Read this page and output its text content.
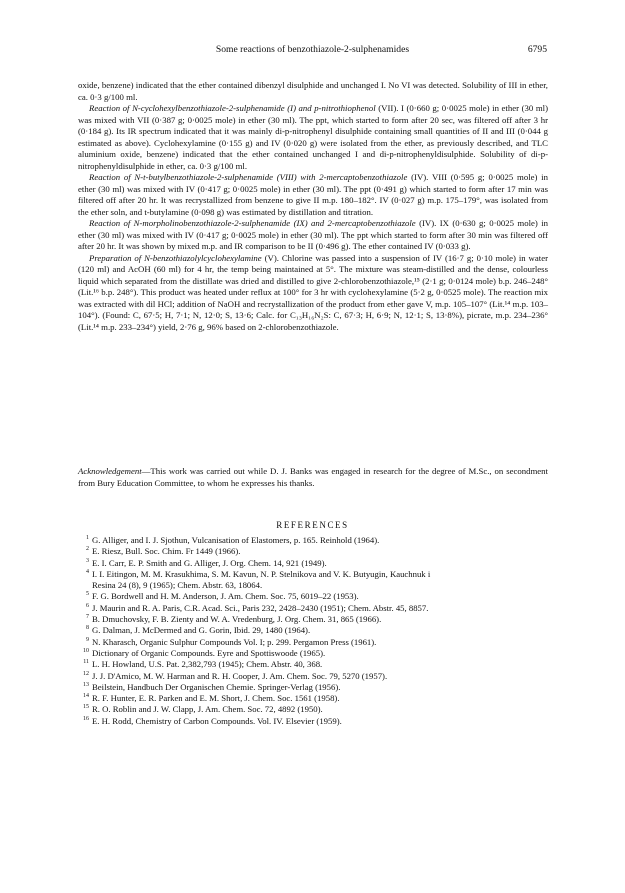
Some reactions of benzothiazole-2-sulphenamides	6795

oxide, benzene) indicated that the ether contained dibenzyl disulphide and unchanged I. No VI was detected. Solubility of III in ether, ca. 0·3 g/100 ml.

Reaction of N-cyclohexylbenzothiazole-2-sulphenamide (I) and p-nitrothiophenol (VII). I (0·660 g; 0·0025 mole) in ether (30 ml) was mixed with VII (0·387 g; 0·0025 mole) in ether (30 ml). The ppt, which started to form after 20 sec, was filtered off after 3 hr (0·184 g). Its IR spectrum indicated that it was mainly di-p-nitrophenyl disulphide containing small quantities of II and III (0·044 g estimated as above). Cyclohexylamine (0·155 g) and IV (0·020 g) were isolated from the ether, as previously described, and TLC aluminium oxide, benzene) indicated that the ether contained unchanged I and di-p-nitrophenyldisulphide. Solubility of di-p-nitrophenyldisulphide in ether, ca. 0·3 g/100 ml.

Reaction of N-t-butylbenzothiazole-2-sulphenamide (VIII) with 2-mercaptobenzothiazole (IV). VIII (0·595 g; 0·0025 mole) in ether (30 ml) was mixed with IV (0·417 g; 0·0025 mole) in ether (30 ml). The ppt (0·491 g) which started to form after 17 min was filtered off after 20 hr. It was recrystallized from benzene to give II m.p. 180–182°. IV (0·027 g) m.p. 175–179°, was isolated from the ether soln, and t-butylamine (0·098 g) was estimated by distillation and titration.

Reaction of N-morpholinobenzothiazole-2-sulphenamide (IX) and 2-mercaptobenzothiazole (IV). IX (0·630 g; 0·0025 mole) in ether (30 ml) was mixed with IV (0·417 g; 0·0025 mole) in ether (30 ml). The ppt which started to form after 30 min was filtered off after 20 hr. It was shown by mixed m.p. and IR comparison to be II (0·496 g). The ether contained IV (0·033 g).

Preparation of N-benzothiazolylcyclohexylamine (V). Chlorine was passed into a suspension of IV (16·7 g; 0·10 mole) in water (120 ml) and AcOH (60 ml) for 4 hr, the temp being maintained at 5°. The mixture was steam-distilled and the dense, colourless liquid which separated from the distillate was dried and distilled to give 2-chlorobenzothiazole,¹⁵ (2·1 g; 0·0124 mole) b.p. 246–248° (Lit.¹⁶ b.p. 248°). This product was heated under reflux at 100° for 3 hr with cyclohexylamine (5·2 g, 0·0525 mole). The reaction mix was extracted with dil HCl; addition of NaOH and recrystallization of the product from ether gave V, m.p. 105–107° (Lit.¹⁴ m.p. 103–104°). (Found: C, 67·5; H, 7·1; N, 12·0; S, 13·6; Calc. for C₁₃H₁₆N₂S: C, 67·3; H, 6·9; N, 12·1; S, 13·8%), picrate, m.p. 234–236° (Lit.¹⁴ m.p. 233–234°) yield, 2·76 g, 96% based on 2-chlorobenzothiazole.

Acknowledgement—This work was carried out while D. J. Banks was engaged in research for the degree of M.Sc., on secondment from Bury Education Committee, to whom he expresses his thanks.

REFERENCES
1 G. Alliger, and I. J. Sjothun, Vulcanisation of Elastomers, p. 165. Reinhold (1964).
2 E. Riesz, Bull. Soc. Chim. Fr 1449 (1966).
3 E. I. Carr, E. P. Smith and G. Alliger, J. Org. Chem. 14, 921 (1949).
4 I. I. Eitingon, M. M. Krasukhima, S. M. Kavun, N. P. Stelnikova and V. K. Butyugin, Kauchnuk i
Resina 24 (8), 9 (1965); Chem. Abstr. 63, 18064.
5 F. G. Bordwell and H. M. Anderson, J. Am. Chem. Soc. 75, 6019–22 (1953).
6 J. Maurin and R. A. Paris, C.R. Acad. Sci., Paris 232, 2428–2430 (1951); Chem. Abstr. 45, 8857.
7 B. Dmuchovsky, F. B. Zienty and W. A. Vredenburg, J. Org. Chem. 31, 865 (1966).
8 G. Dalman, J. McDermed and G. Gorin, Ibid. 29, 1480 (1964).
9 N. Kharasch, Organic Sulphur Compounds Vol. I; p. 299. Pergamon Press (1961).
10 Dictionary of Organic Compounds. Eyre and Spottiswoode (1965).
11 L. H. Howland, U.S. Pat. 2,382,793 (1945); Chem. Abstr. 40, 368.
12 J. J. D'Amico, M. W. Harman and R. H. Cooper, J. Am. Chem. Soc. 79, 5270 (1957).
13 Beilstein, Handbuch Der Organischen Chemie. Springer-Verlag (1956).
14 R. F. Hunter, E. R. Parken and E. M. Short, J. Chem. Soc. 1561 (1958).
15 R. O. Roblin and J. W. Clapp, J. Am. Chem. Soc. 72, 4892 (1950).
16 E. H. Rodd, Chemistry of Carbon Compounds. Vol. IV. Elsevier (1959).
